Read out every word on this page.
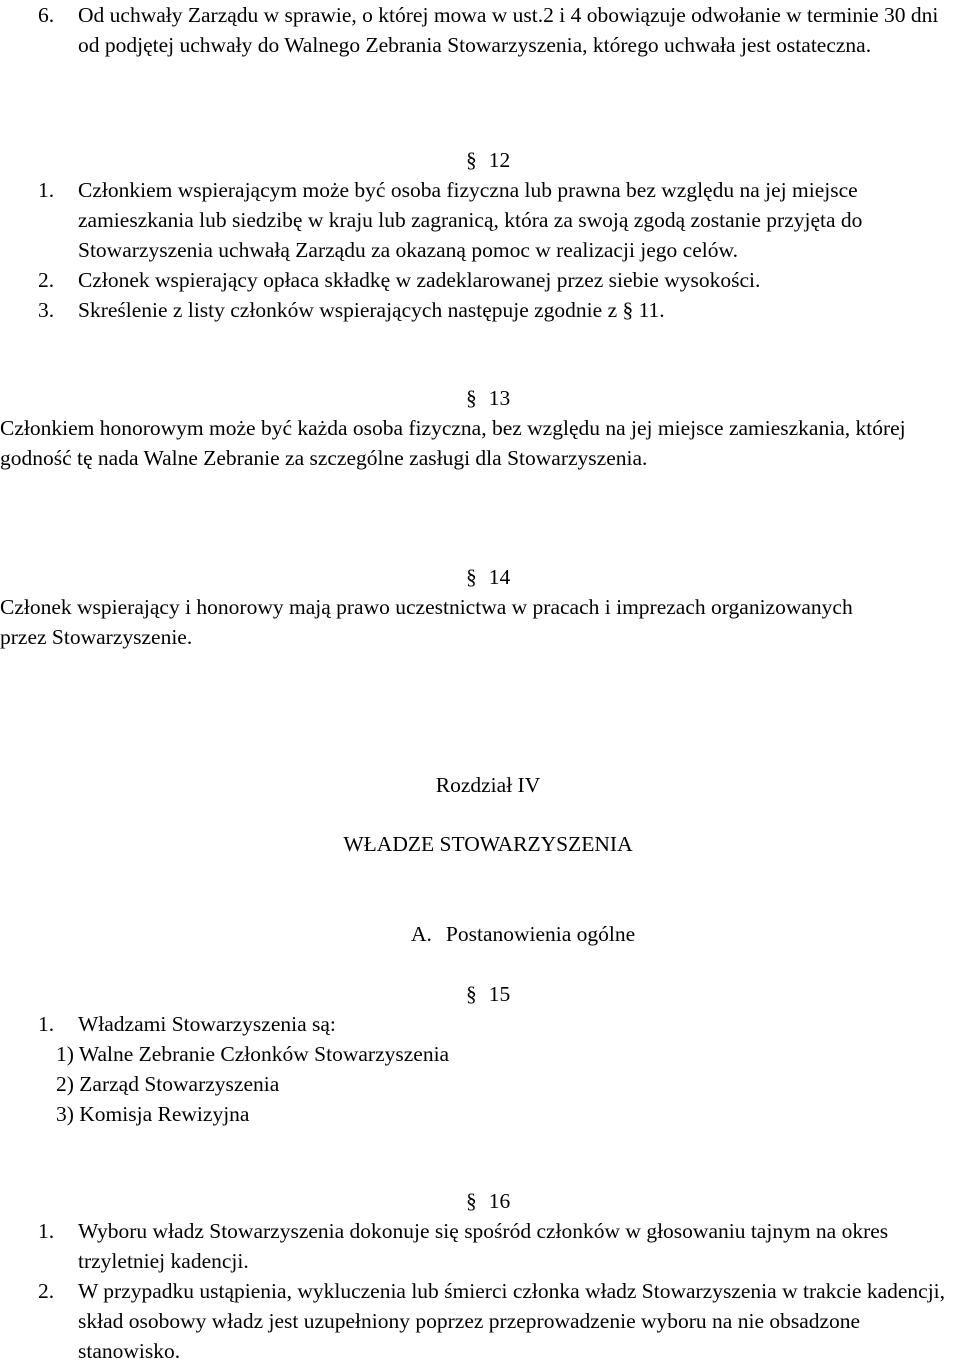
6. Od uchwały Zarządu w sprawie, o której mowa w ust.2 i 4 obowiązuje odwołanie w terminie 30 dni od podjętej uchwały do Walnego Zebrania Stowarzyszenia, którego uchwała jest ostateczna.
§ 12
1. Członkiem wspierającym może być osoba fizyczna lub prawna bez względu na jej miejsce zamieszkania lub siedzibę w kraju lub zagranicą, która za swoją zgodą zostanie przyjęta do Stowarzyszenia uchwałą Zarządu za okazaną pomoc w realizacji jego celów.
2. Członek wspierający opłaca składkę w zadeklarowanej przez siebie wysokości.
3. Skreślenie z listy członków wspierających następuje zgodnie z § 11.
§ 13
Członkiem honorowym może być każda osoba fizyczna, bez względu na jej miejsce zamieszkania, której godność tę nada Walne Zebranie za szczególne zasługi dla Stowarzyszenia.
§ 14
Członek wspierający i honorowy mają prawo uczestnictwa w pracach i imprezach organizowanych przez Stowarzyszenie.
Rozdział IV
WŁADZE STOWARZYSZENIA
A. Postanowienia ogólne
§ 15
1. Władzami Stowarzyszenia są:
1) Walne Zebranie Członków Stowarzyszenia
2) Zarząd Stowarzyszenia
3) Komisja Rewizyjna
§ 16
1. Wyboru władz Stowarzyszenia dokonuje się spośród członków w głosowaniu tajnym na okres trzyletniej kadencji.
2. W przypadku ustąpienia, wykluczenia lub śmierci członka władz Stowarzyszenia w trakcie kadencji, skład osobowy władz jest uzupełniony poprzez przeprowadzenie wyboru na nie obsadzone stanowisko.
